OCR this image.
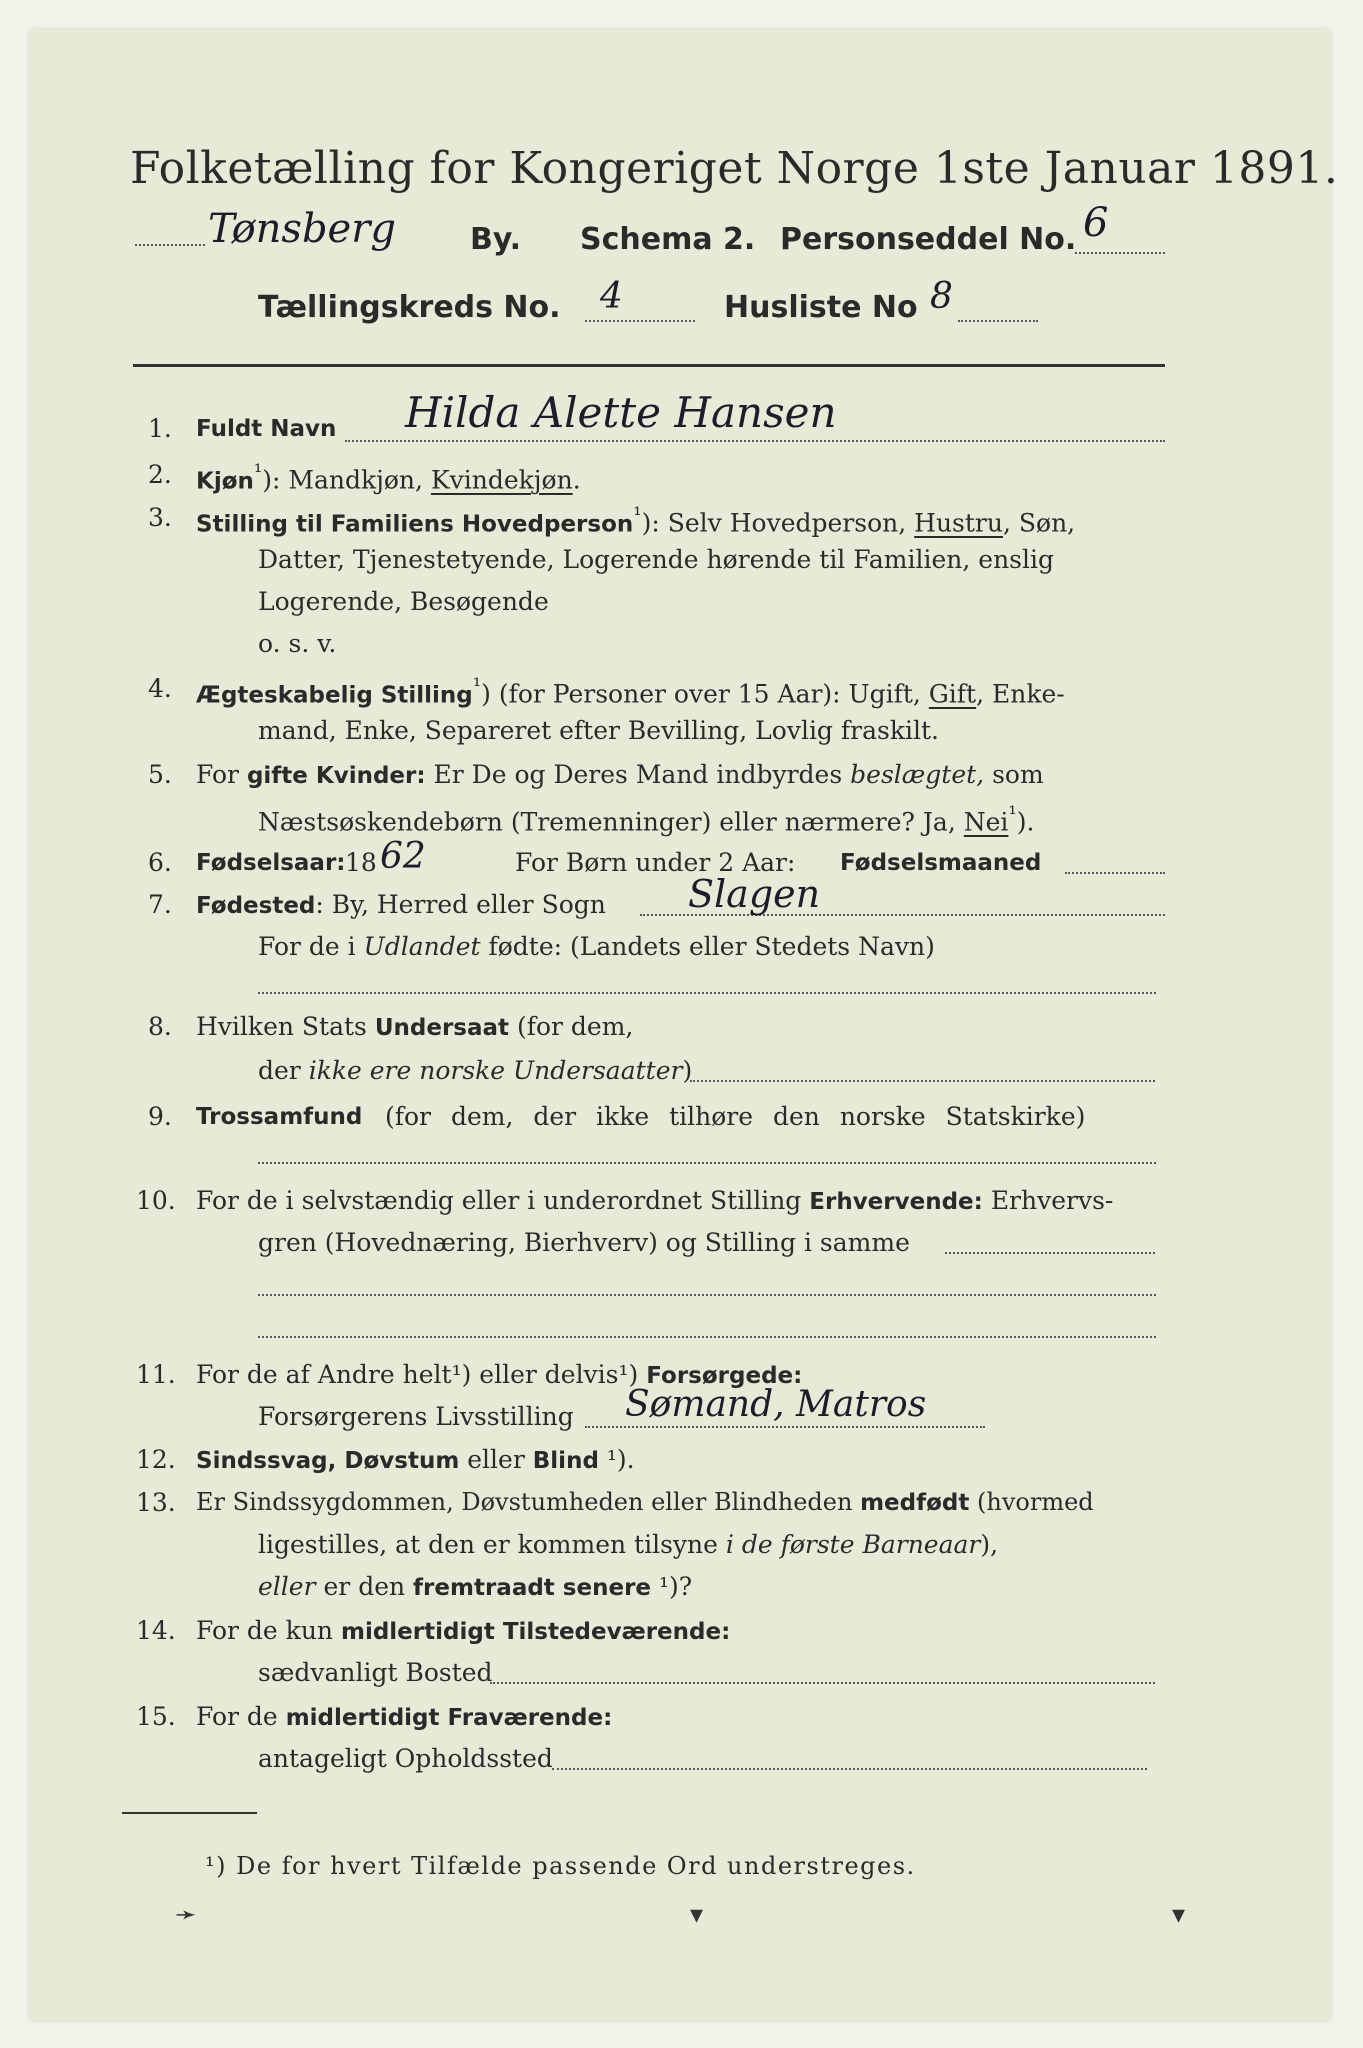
Folketælling for Kongeriget Norge 1ste Januar 1891.
Tønsberg By. Schema 2. Personseddel No. 6
Tællingskreds No. 4	Husliste No 8
1. Fuldt Navn Hilda Alette Hansen
2. Kjøn$^{^1}$): Mandkjøn, Kvindekjøn.
3. Stilling til Familiens Hovedperson$^{^1}$): Selv Hovedperson, Hustru, Søn,
Datter, Tjenestetyende, Logerende hørende til Familien, enslig
Logerende, Besøgende
o. s. v.
4. Ægteskabelig Stilling$^{^1}$) (for Personer over 15 Aar): Ugift, Gift, Enke-
mand, Enke, Separeret efter Bevilling, Lovlig fraskilt.
5. For gifte Kvinder: Er De og Deres Mand indbyrdes beslægtet, som
Næstsøskendebørn (Tremenninger) eller nærmere? Ja, Nei$^{^1}$).
6. Fødselsaar: 18 62	For Børn under 2 Aar: Fødselsmaaned
7. Fødested: By, Herred eller Sogn Slagen
For de i Udlandet fødte: (Landets eller Stedets Navn)
8. Hvilken Stats Undersaat (for dem,
der ikke ere norske Undersaatter)
9. Trossamfund (for dem, der ikke tilhøre den norske Statskirke)
10. For de i selvstændig eller i underordnet Stilling Erhvervende: Erhvervs-
gren (Hovednæring, Bierhverv) og Stilling i samme
11. For de af Andre helt¹) eller delvis¹) Forsørgede:
Forsørgerens Livsstilling Sømand, Matros
12. Sindssvag, Døvstum eller Blind ¹).
13. Er Sindssygdommen, Døvstumheden eller Blindheden medfødt (hvormed
ligestilles, at den er kommen tilsyne i de første Barneaar),
eller er den fremtraadt senere ¹)?
14. For de kun midlertidigt Tilstedeværende:
sædvanligt Bosted
15. For de midlertidigt Fraværende:
antageligt Opholdssted
¹) De for hvert Tilfælde passende Ord understreges.
➛	▾	▾
